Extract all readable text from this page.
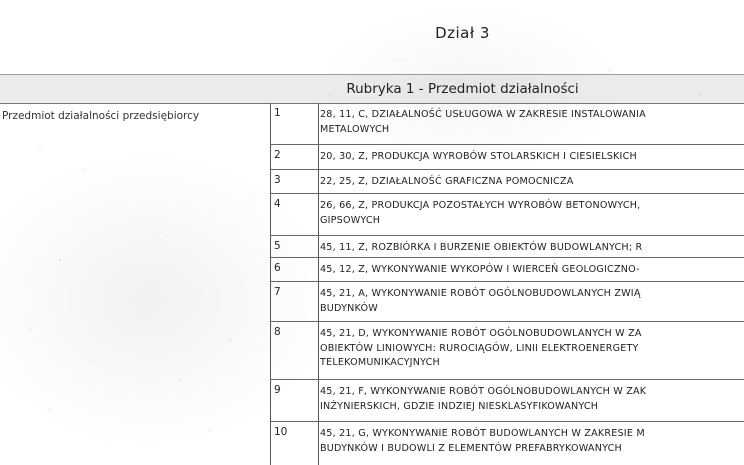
Dział 3
Rubryka 1 - Przedmiot działalności
Przedmiot działalności przedsiębiorcy	1	28, 11, C, DZIAŁALNOŚĆ USŁUGOWA W ZAKRESIE INSTALOWANIA
METALOWYCH
2	20, 30, Z, PRODUKCJA WYROBÓW STOLARSKICH I CIESIELSKICH
3	22, 25, Z, DZIAŁALNOŚĆ GRAFICZNA POMOCNICZA
4	26, 66, Z, PRODUKCJA POZOSTAŁYCH WYROBÓW BETONOWYCH,
GIPSOWYCH
5	45, 11, Z, ROZBIÓRKA I BURZENIE OBIEKTÓW BUDOWLANYCH; R
6	45, 12, Z, WYKONYWANIE WYKOPÓW I WIERCEŃ GEOLOGICZNO-
7	45, 21, A, WYKONYWANIE ROBÓT OGÓLNOBUDOWLANYCH ZWIĄ
BUDYNKÓW
8	45, 21, D, WYKONYWANIE ROBÓT OGÓLNOBUDOWLANYCH W ZA
OBIEKTÓW LINIOWYCH: RUROCIĄGÓW, LINII ELEKTROENERGETY
TELEKOMUNIKACYJNYCH
9	45, 21, F, WYKONYWANIE ROBÓT OGÓLNOBUDOWLANYCH W ZAK
INŻYNIERSKICH, GDZIE INDZIEJ NIESKLASYFIKOWANYCH
10	45, 21, G, WYKONYWANIE ROBÓT BUDOWLANYCH W ZAKRESIE M
BUDYNKÓW I BUDOWLI Z ELEMENTÓW PREFABRYKOWANYCH
